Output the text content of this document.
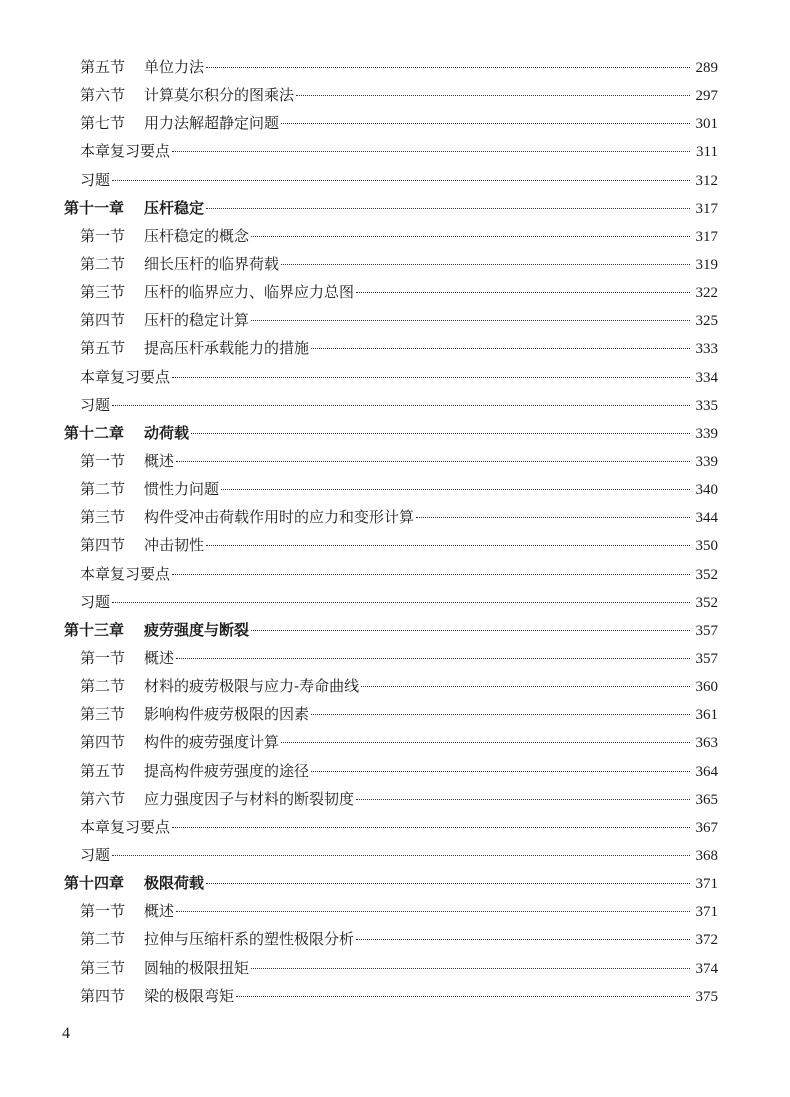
第五节	单位力法	289
第六节	计算莫尔积分的图乘法	297
第七节	用力法解超静定问题	301
本章复习要点	311
习题	312
第十一章	压杆稳定	317
第一节	压杆稳定的概念	317
第二节	细长压杆的临界荷载	319
第三节	压杆的临界应力、临界应力总图	322
第四节	压杆的稳定计算	325
第五节	提高压杆承载能力的措施	333
本章复习要点	334
习题	335
第十二章	动荷载	339
第一节	概述	339
第二节	惯性力问题	340
第三节	构件受冲击荷载作用时的应力和变形计算	344
第四节	冲击韧性	350
本章复习要点	352
习题	352
第十三章	疲劳强度与断裂	357
第一节	概述	357
第二节	材料的疲劳极限与应力-寿命曲线	360
第三节	影响构件疲劳极限的因素	361
第四节	构件的疲劳强度计算	363
第五节	提高构件疲劳强度的途径	364
第六节	应力强度因子与材料的断裂韧度	365
本章复习要点	367
习题	368
第十四章	极限荷载	371
第一节	概述	371
第二节	拉伸与压缩杆系的塑性极限分析	372
第三节	圆轴的极限扭矩	374
第四节	梁的极限弯矩	375
4
